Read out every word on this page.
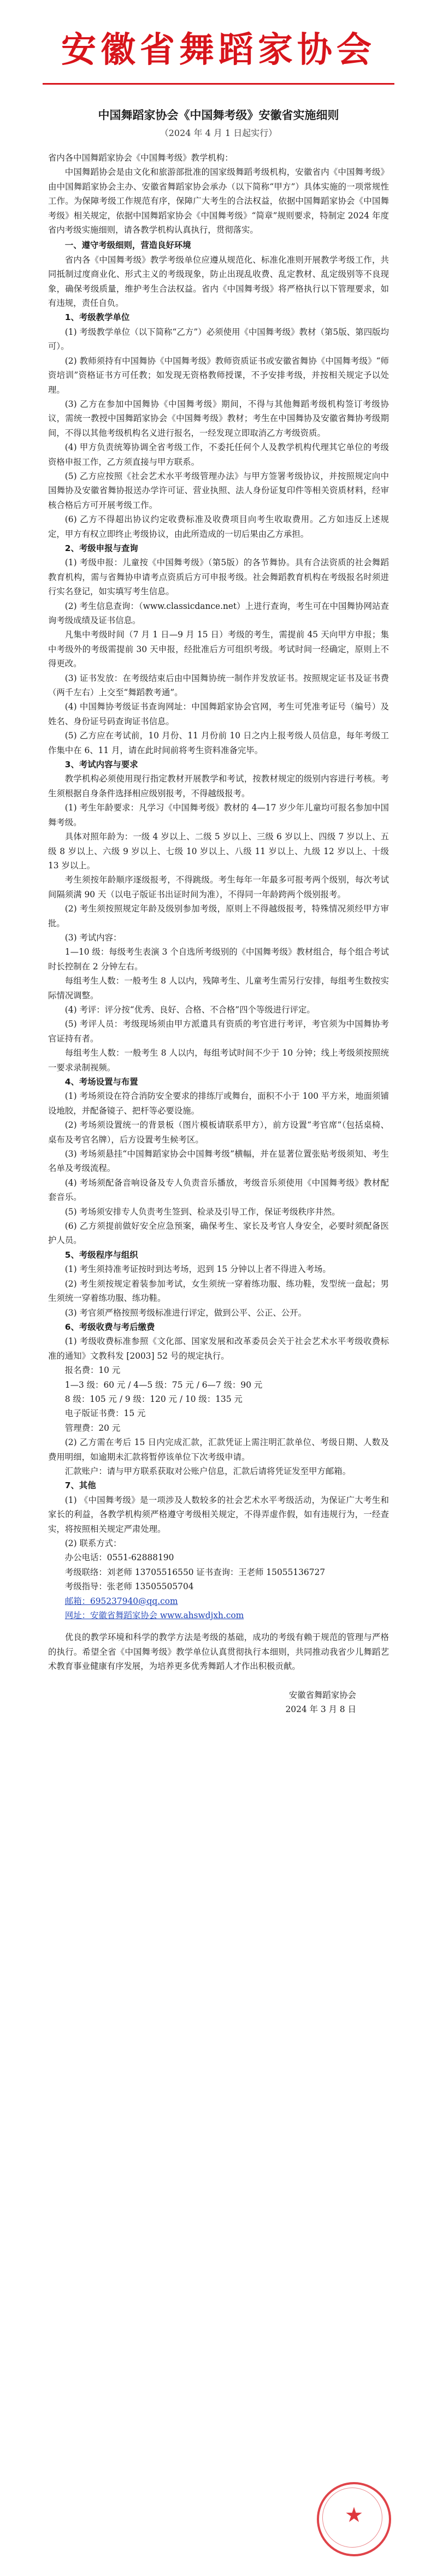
安徽省舞蹈家协会
中国舞蹈家协会《中国舞考级》安徽省实施细则
（2024 年 4 月 1 日起实行）

省内各中国舞蹈家协会《中国舞考级》教学机构：

中国舞蹈协会是由文化和旅游部批准的国家级舞蹈考级机构，安徽省内《中国舞考级》由中国舞蹈家协会主办、安徽省舞蹈家协会承办（以下简称“甲方”）具体实施的一项常规性工作。为保障考级工作规范有序，保障广大考生的合法权益，依据中国舞蹈家协会《中国舞考级》相关规定，依据中国舞蹈家协会《中国舞考级》“简章”规则要求，特制定 2024 年度省内考级实施细则，请各教学机构认真执行，贯彻落实。

一、遵守考级细则，营造良好环境

省内各《中国舞考级》教学考级单位应遵从规范化、标准化准则开展教学考级工作，共同抵制过度商业化、形式主义的考级现象，防止出现乱收费、乱定教材、乱定级别等不良现象，确保考级质量，维护考生合法权益。省内《中国舞考级》将严格执行以下管理要求，如有违规，责任自负。

1、考级教学单位

(1) 考级教学单位（以下简称“乙方”）必须使用《中国舞考级》教材（第5版、第四版均可）。

(2) 教师须持有中国舞协《中国舞考级》教师资质证书或安徽省舞协《中国舞考级》“师资培训”资格证书方可任教；如发现无资格教师授课，不予安排考级，并按相关规定予以处理。

(3) 乙方在参加中国舞协《中国舞考级》期间，不得与其他舞蹈考级机构签订考级协议，需统一教授中国舞蹈家协会《中国舞考级》教材；考生在中国舞协及安徽省舞协考级期间，不得以其他考级机构名义进行报名，一经发现立即取消乙方考级资质。

(4) 甲方负责统筹协调全省考级工作，不委托任何个人及教学机构代理其它单位的考级资格申报工作，乙方须直接与甲方联系。

(5) 乙方应按照《社会艺术水平考级管理办法》与甲方签署考级协议，并按照规定向中国舞协及安徽省舞协报送办学许可证、营业执照、法人身份证复印件等相关资质材料，经审核合格后方可开展考级工作。

(6) 乙方不得超出协议约定收费标准及收费项目向考生收取费用。乙方如违反上述规定，甲方有权立即终止考级协议，由此所造成的一切后果由乙方承担。

2、考级申报与查询

(1) 考级申报：儿童按《中国舞考级》（第5版）的各节舞协。具有合法资质的社会舞蹈教育机构，需与省舞协申请考点资质后方可申报考级。社会舞蹈教育机构在考级报名时须进行实名登记，如实填写考生信息。

(2) 考生信息查询：（www.classicdance.net）上进行查询，考生可在中国舞协网站查询考级成绩及证书信息。

凡集中考级时间（7 月 1 日—9 月 15 日）考级的考生，需提前 45 天向甲方申报；集中考级外的考级需提前 30 天申报，经批准后方可组织考级。考试时间一经确定，原则上不得更改。

(3) 证书发放：在考级结束后由中国舞协统一制作并发放证书。按照规定证书及证书费（两千左右）上交至“舞蹈教考通”。

(4) 中国舞协考级证书查询网址：中国舞蹈家协会官网，考生可凭准考证号（编号）及姓名、身份证号码查询证书信息。

(5) 乙方应在考试前，10 月份、11 月份前 10 日之内上报考级人员信息，每年考级工作集中在 6、11 月，请在此时间前将考生资料准备完毕。

3、考试内容与要求

教学机构必须使用现行指定教材开展教学和考试，按教材规定的级别内容进行考核。考生须根据自身条件选择相应级别报考，不得越级报考。

(1) 考生年龄要求：凡学习《中国舞考级》教材的 4—17 岁少年儿童均可报名参加中国舞考级。

具体对照年龄为：一级 4 岁以上、二级 5 岁以上、三级 6 岁以上、四级 7 岁以上、五级 8 岁以上、六级 9 岁以上、七级 10 岁以上、八级 11 岁以上、九级 12 岁以上、十级 13 岁以上。

考生须按年龄顺序逐级报考，不得跳级。考生每年一年最多可报考两个级别，每次考试间隔须满 90 天（以电子版证书出证时间为准），不得同一年龄跨两个级别报考。

(2) 考生须按照规定年龄及级别参加考级，原则上不得越级报考，特殊情况须经甲方审批。

(3) 考试内容：

1—10 级：每级考生表演 3 个自选所考级别的《中国舞考级》教材组合，每个组合考试时长控制在 2 分钟左右。

每组考生人数：一般考生 8 人以内，残障考生、儿童考生需另行安排，每组考生数按实际情况调整。

(4) 考评：评分按“优秀、良好、合格、不合格”四个等级进行评定。

(5) 考评人员：考级现场须由甲方派遣具有资质的考官进行考评，考官须为中国舞协考官证持有者。

每组考生人数：一般考生 8 人以内，每组考试时间不少于 10 分钟；线上考级须按照统一要求录制视频。

4、考场设置与布置

(1) 考场须设在符合消防安全要求的排练厅或舞台，面积不小于 100 平方米，地面须铺设地胶，并配备镜子、把杆等必要设施。

(2) 考场须设置统一的背景板（图片模板请联系甲方），前方设置“考官席”（包括桌椅、桌布及考官名牌），后方设置考生候考区。

(3) 考场须悬挂“中国舞蹈家协会中国舞考级”横幅，并在显著位置张贴考级须知、考生名单及考级流程。

(4) 考场须配备音响设备及专人负责音乐播放，考级音乐须使用《中国舞考级》教材配套音乐。

(5) 考场须安排专人负责考生签到、检录及引导工作，保证考级秩序井然。

(6) 乙方须提前做好安全应急预案，确保考生、家长及考官人身安全，必要时须配备医护人员。

5、考级程序与组织

(1) 考生须持准考证按时到达考场，迟到 15 分钟以上者不得进入考场。

(2) 考生须按规定着装参加考试，女生须统一穿着练功服、练功鞋，发型统一盘起；男生须统一穿着练功服、练功鞋。

(3) 考官须严格按照考级标准进行评定，做到公平、公正、公开。

6、考级收费与考后缴费

(1) 考级收费标准参照《文化部、国家发展和改革委员会关于社会艺术水平考级收费标准的通知》文教科发 [2003] 52 号的规定执行。

报名费：10 元

1—3 级：60 元 / 4—5 级：75 元 / 6—7 级：90 元

8 级：105 元 / 9 级：120 元 / 10 级：135 元

电子版证书费：15 元

管理费：20 元

(2) 乙方需在考后 15 日内完成汇款，汇款凭证上需注明汇款单位、考级日期、人数及费用明细，如逾期未汇款将暂停该单位下次考级申请。

汇款账户：请与甲方联系获取对公账户信息，汇款后请将凭证发至甲方邮箱。

7、其他

(1) 《中国舞考级》是一项涉及人数较多的社会艺术水平考级活动，为保证广大考生和家长的利益，各教学机构须严格遵守考级相关规定，不得弄虚作假，如有违规行为，一经查实，将按照相关规定严肃处理。

(2) 联系方式：

办公电话：0551-62888190

考级联络：刘老师 13705516550 证书查询：王老师 15055136727

考级指导：张老师 13505505704

邮箱：695237940@qq.com

网址：安徽省舞蹈家协会 www.ahswdjxh.com

优良的教学环境和科学的教学方法是考级的基础，成功的考级有赖于规范的管理与严格的执行。希望全省《中国舞考级》教学单位认真贯彻执行本细则，共同推动我省少儿舞蹈艺术教育事业健康有序发展，为培养更多优秀舞蹈人才作出积极贡献。

安徽省舞蹈家协会
2024 年 3 月 8 日
★
